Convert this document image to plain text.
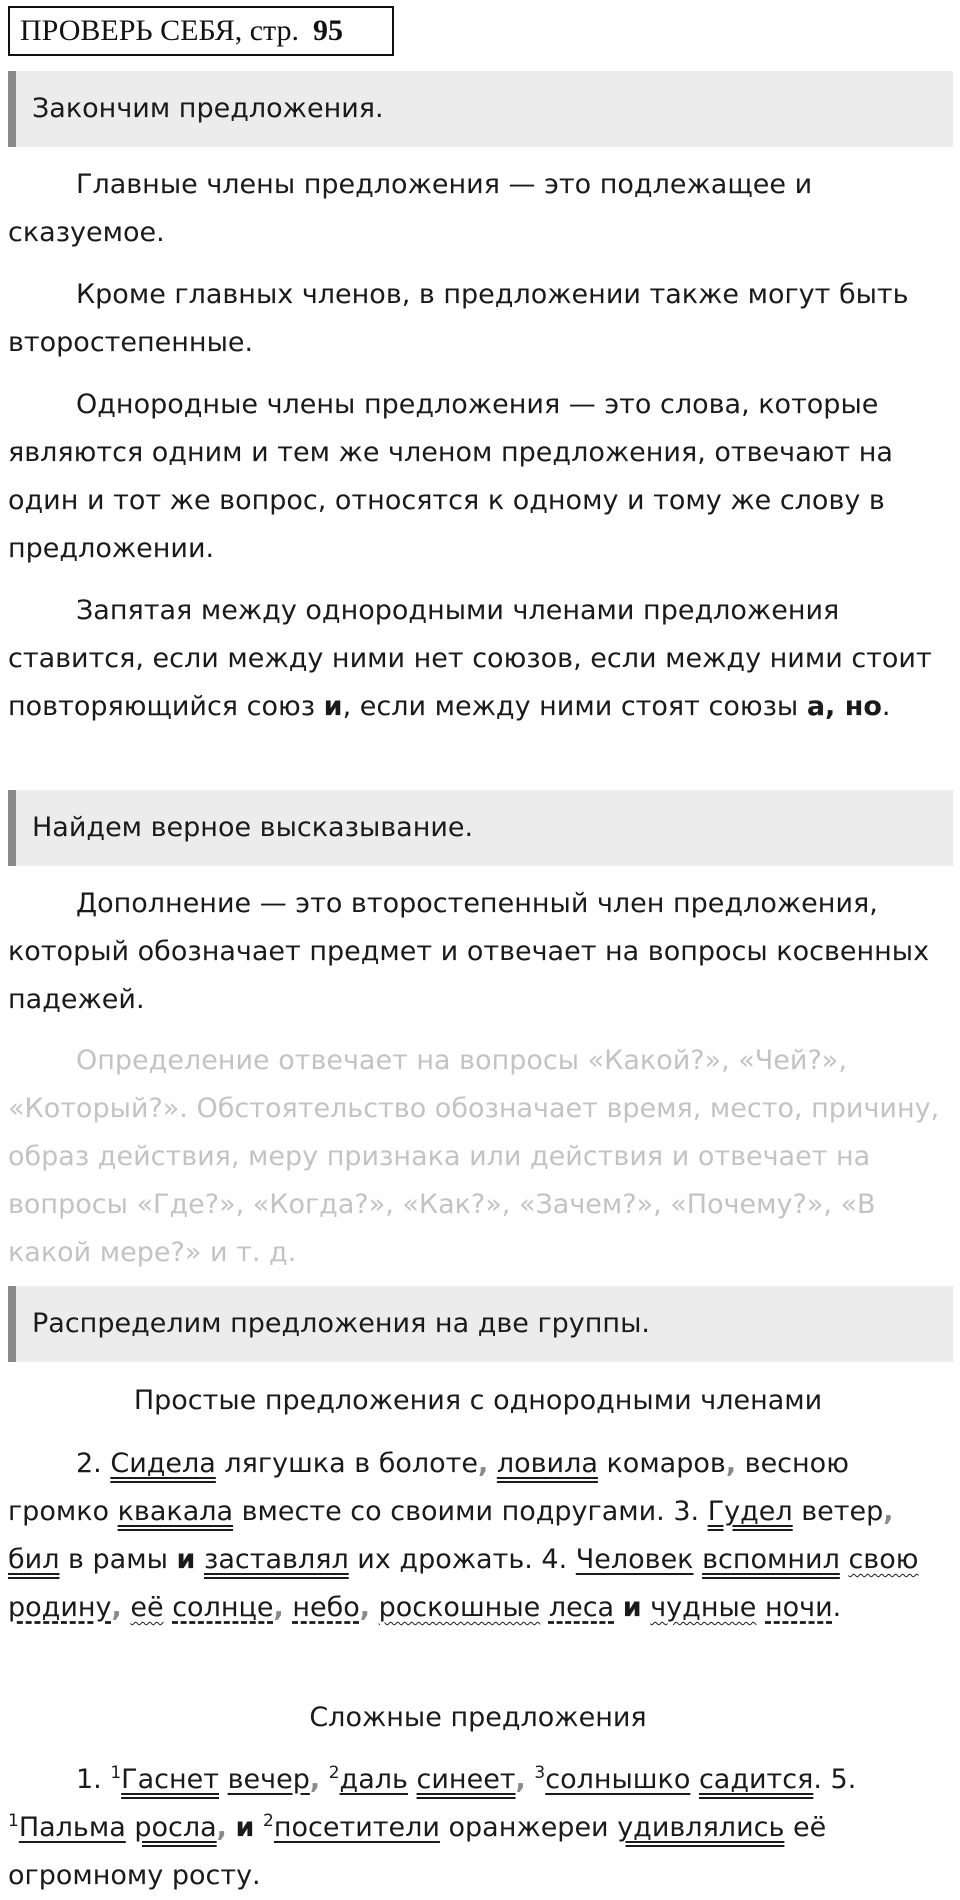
ПРОВЕРЬ СЕБЯ, стр. 95
Закончим предложения.
Главные члены предложения — это подлежащее и сказуемое.
Кроме главных членов, в предложении также могут быть второстепенные.
Однородные члены предложения — это слова, которые являются одним и тем же членом предложения, отвечают на один и тот же вопрос, относятся к одному и тому же слову в предложении.
Запятая между однородными членами предложения ставится, если между ними нет союзов, если между ними стоит повторяющийся союз и, если между ними стоят союзы а, но.
Найдем верное высказывание.
Дополнение — это второстепенный член предложения, который обозначает предмет и отвечает на вопросы косвенных падежей.
Определение отвечает на вопросы «Какой?», «Чей?», «Который?». Обстоятельство обозначает время, место, причину, образ действия, меру признака или действия и отвечает на вопросы «Где?», «Когда?», «Как?», «Зачем?», «Почему?», «В какой мере?» и т. д.
Распределим предложения на две группы.
Простые предложения с однородными членами
2. Сидела лягушка в болоте, ловила комаров, весною громко квакала вместе со своими подругами. 3. Гудел ветер, бил в рамы и заставлял их дрожать. 4. Человек вспомнил свою родину, её солнце, небо, роскошные леса и чудные ночи.
Сложные предложения
1. $^1$Гаснет вечер, $^2$даль синеет, $^3$солнышко садится. 5. $^1$Пальма росла, и $^2$посетители оранжереи удивлялись её огромному росту.
